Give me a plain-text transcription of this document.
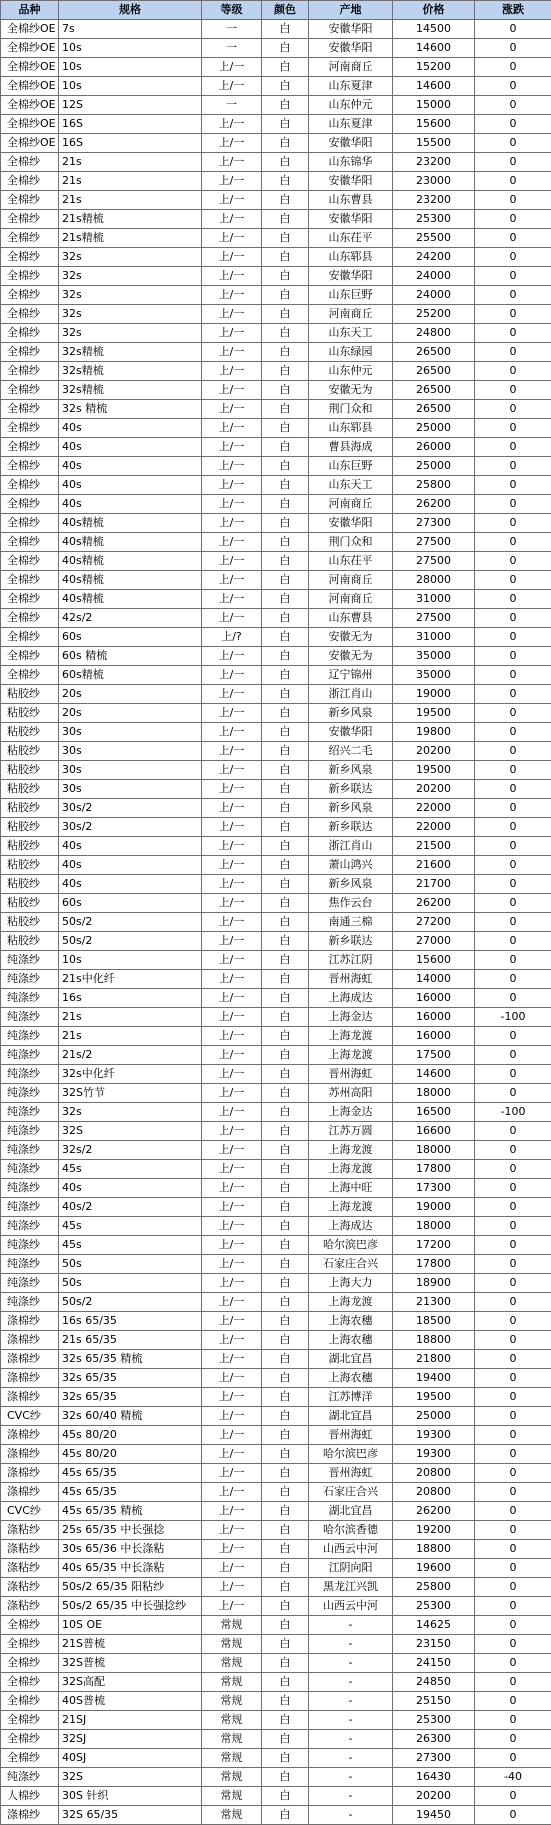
品种	规格	等级	颜色	产地	价格	涨跌
全棉纱OE	7s	一	白	安徽华阳	14500	0
全棉纱OE	10s	一	白	安徽华阳	14600	0
全棉纱OE	10s	上/一	白	河南商丘	15200	0
全棉纱OE	10s	上/一	白	山东夏津	14600	0
全棉纱OE	12S	一	白	山东仲元	15000	0
全棉纱OE	16S	上/一	白	山东夏津	15600	0
全棉纱OE	16S	上/一	白	安徽华阳	15500	0
全棉纱	21s	上/一	白	山东锦华	23200	0
全棉纱	21s	上/一	白	安徽华阳	23000	0
全棉纱	21s	上/一	白	山东曹县	23200	0
全棉纱	21s精梳	上/一	白	安徽华阳	25300	0
全棉纱	21s精梳	上/一	白	山东茌平	25500	0
全棉纱	32s	上/一	白	山东郓县	24200	0
全棉纱	32s	上/一	白	安徽华阳	24000	0
全棉纱	32s	上/一	白	山东巨野	24000	0
全棉纱	32s	上/一	白	河南商丘	25200	0
全棉纱	32s	上/一	白	山东天工	24800	0
全棉纱	32s精梳	上/一	白	山东绿园	26500	0
全棉纱	32s精梳	上/一	白	山东仲元	26500	0
全棉纱	32s精梳	上/一	白	安徽无为	26500	0
全棉纱	32s 精梳	上/一	白	荆门众和	26500	0
全棉纱	40s	上/一	白	山东郓县	25000	0
全棉纱	40s	上/一	白	曹县海成	26000	0
全棉纱	40s	上/一	白	山东巨野	25000	0
全棉纱	40s	上/一	白	山东天工	25800	0
全棉纱	40s	上/一	白	河南商丘	26200	0
全棉纱	40s精梳	上/一	白	安徽华阳	27300	0
全棉纱	40s精梳	上/一	白	荆门众和	27500	0
全棉纱	40s精梳	上/一	白	山东茌平	27500	0
全棉纱	40s精梳	上/一	白	河南商丘	28000	0
全棉纱	40s精梳	上/一	白	河南商丘	31000	0
全棉纱	42s/2	上/一	白	山东曹县	27500	0
全棉纱	60s	上/?	白	安徽无为	31000	0
全棉纱	60s 精梳	上/一	白	安徽无为	35000	0
全棉纱	60s精梳	上/一	白	辽宁锦州	35000	0
粘胶纱	20s	上/一	白	浙江肖山	19000	0
粘胶纱	20s	上/一	白	新乡风泉	19500	0
粘胶纱	30s	上/一	白	安徽华阳	19800	0
粘胶纱	30s	上/一	白	绍兴二毛	20200	0
粘胶纱	30s	上/一	白	新乡风泉	19500	0
粘胶纱	30s	上/一	白	新乡联达	20200	0
粘胶纱	30s/2	上/一	白	新乡风泉	22000	0
粘胶纱	30s/2	上/一	白	新乡联达	22000	0
粘胶纱	40s	上/一	白	浙江肖山	21500	0
粘胶纱	40s	上/一	白	萧山鸿兴	21600	0
粘胶纱	40s	上/一	白	新乡风泉	21700	0
粘胶纱	60s	上/一	白	焦作云台	26200	0
粘胶纱	50s/2	上/一	白	南通三棉	27200	0
粘胶纱	50s/2	上/一	白	新乡联达	27000	0
纯涤纱	10s	上/一	白	江苏江阴	15600	0
纯涤纱	21s中化纤	上/一	白	晋州海虹	14000	0
纯涤纱	16s	上/一	白	上海成达	16000	0
纯涤纱	21s	上/一	白	上海金达	16000	-100
纯涤纱	21s	上/一	白	上海龙渡	16000	0
纯涤纱	21s/2	上/一	白	上海龙渡	17500	0
纯涤纱	32s中化纤	上/一	白	晋州海虹	14600	0
纯涤纱	32S竹节	上/一	白	苏州高阳	18000	0
纯涤纱	32s	上/一	白	上海金达	16500	-100
纯涤纱	32S	上/一	白	江苏万圆	16600	0
纯涤纱	32s/2	上/一	白	上海龙渡	18000	0
纯涤纱	45s	上/一	白	上海龙渡	17800	0
纯涤纱	40s	上/一	白	上海中旺	17300	0
纯涤纱	40s/2	上/一	白	上海龙渡	19000	0
纯涤纱	45s	上/一	白	上海成达	18000	0
纯涤纱	45s	上/一	白	哈尔滨巴彦	17200	0
纯涤纱	50s	上/一	白	石家庄合兴	17800	0
纯涤纱	50s	上/一	白	上海大力	18900	0
纯涤纱	50s/2	上/一	白	上海龙渡	21300	0
涤棉纱	16s 65/35	上/一	白	上海农穗	18500	0
涤棉纱	21s 65/35	上/一	白	上海农穗	18800	0
涤棉纱	32s 65/35 精梳	上/一	白	湖北宜昌	21800	0
涤棉纱	32s 65/35	上/一	白	上海农穗	19400	0
涤棉纱	32s 65/35	上/一	白	江苏博洋	19500	0
CVC纱	32s 60/40 精梳	上/一	白	湖北宜昌	25000	0
涤棉纱	45s 80/20	上/一	白	晋州海虹	19300	0
涤棉纱	45s 80/20	上/一	白	哈尔滨巴彦	19300	0
涤棉纱	45s 65/35	上/一	白	晋州海虹	20800	0
涤棉纱	45s 65/35	上/一	白	石家庄合兴	20800	0
CVC纱	45s 65/35 精梳	上/一	白	湖北宜昌	26200	0
涤粘纱	25s 65/35 中长强捻	上/一	白	哈尔滨香德	19200	0
涤粘纱	30s 65/36 中长涤粘	上/一	白	山西云中河	18800	0
涤粘纱	40s 65/35 中长涤粘	上/一	白	江阴向阳	19600	0
涤粘纱	50s/2 65/35 阳粘纱	上/一	白	黑龙江兴凯	25800	0
涤粘纱	50s/2 65/35 中长强捻纱	上/一	白	山西云中河	25300	0
全棉纱	10S OE	常规	白	-	14625	0
全棉纱	21S普梳	常规	白	-	23150	0
全棉纱	32S普梳	常规	白	-	24150	0
全棉纱	32S高配	常规	白	-	24850	0
全棉纱	40S普梳	常规	白	-	25150	0
全棉纱	21SJ	常规	白	-	25300	0
全棉纱	32SJ	常规	白	-	26300	0
全棉纱	40SJ	常规	白	-	27300	0
纯涤纱	32S	常规	白	-	16430	-40
人棉纱	30S 针织	常规	白	-	20200	0
涤棉纱	32S 65/35	常规	白	-	19450	0
